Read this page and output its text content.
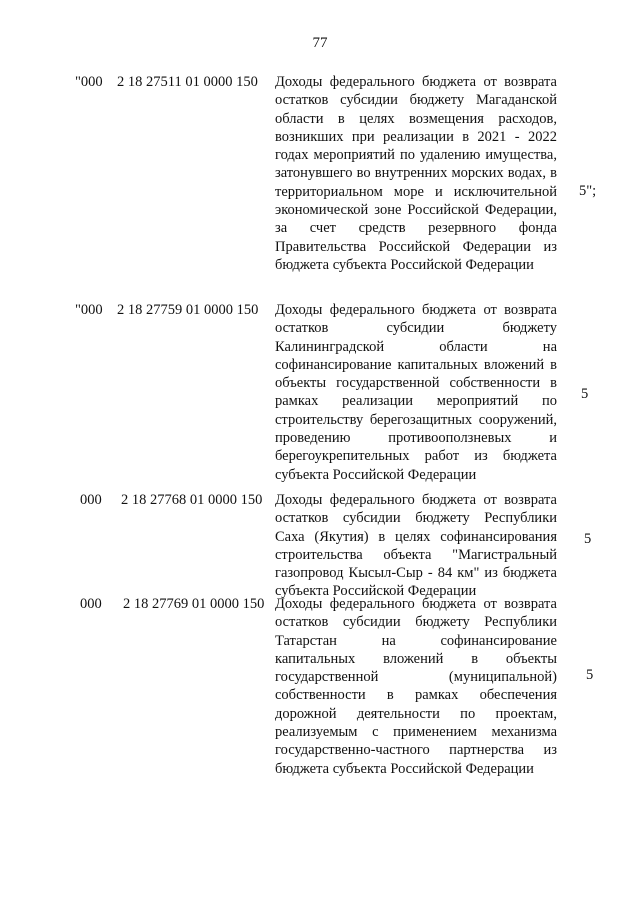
77
"000 2 18 27511 01 0000 150 Доходы федерального бюджета от возврата остатков субсидии бюджету Магаданской области в целях возмещения расходов, возникших при реализации в 2021 - 2022 годах мероприятий по удалению имущества, затонувшего во внутренних морских водах, в территориальном море и исключительной экономической зоне Российской Федерации, за счет средств резервного фонда Правительства Российской Федерации из бюджета субъекта Российской Федерации
5";
"000 2 18 27759 01 0000 150 Доходы федерального бюджета от возврата остатков субсидии бюджету Калининградской области на софинансирование капитальных вложений в объекты государственной собственности в рамках реализации мероприятий по строительству берегозащитных сооружений, проведению противооползневых и берегоукрепительных работ из бюджета субъекта Российской Федерации
5
000 2 18 27768 01 0000 150 Доходы федерального бюджета от возврата остатков субсидии бюджету Республики Саха (Якутия) в целях софинансирования строительства объекта "Магистральный газопровод Кысыл-Сыр - 84 км" из бюджета субъекта Российской Федерации
5
000 2 18 27769 01 0000 150 Доходы федерального бюджета от возврата остатков субсидии бюджету Республики Татарстан на софинансирование капитальных вложений в объекты государственной (муниципальной) собственности в рамках обеспечения дорожной деятельности по проектам, реализуемым с применением механизма государственно-частного партнерства из бюджета субъекта Российской Федерации
5
